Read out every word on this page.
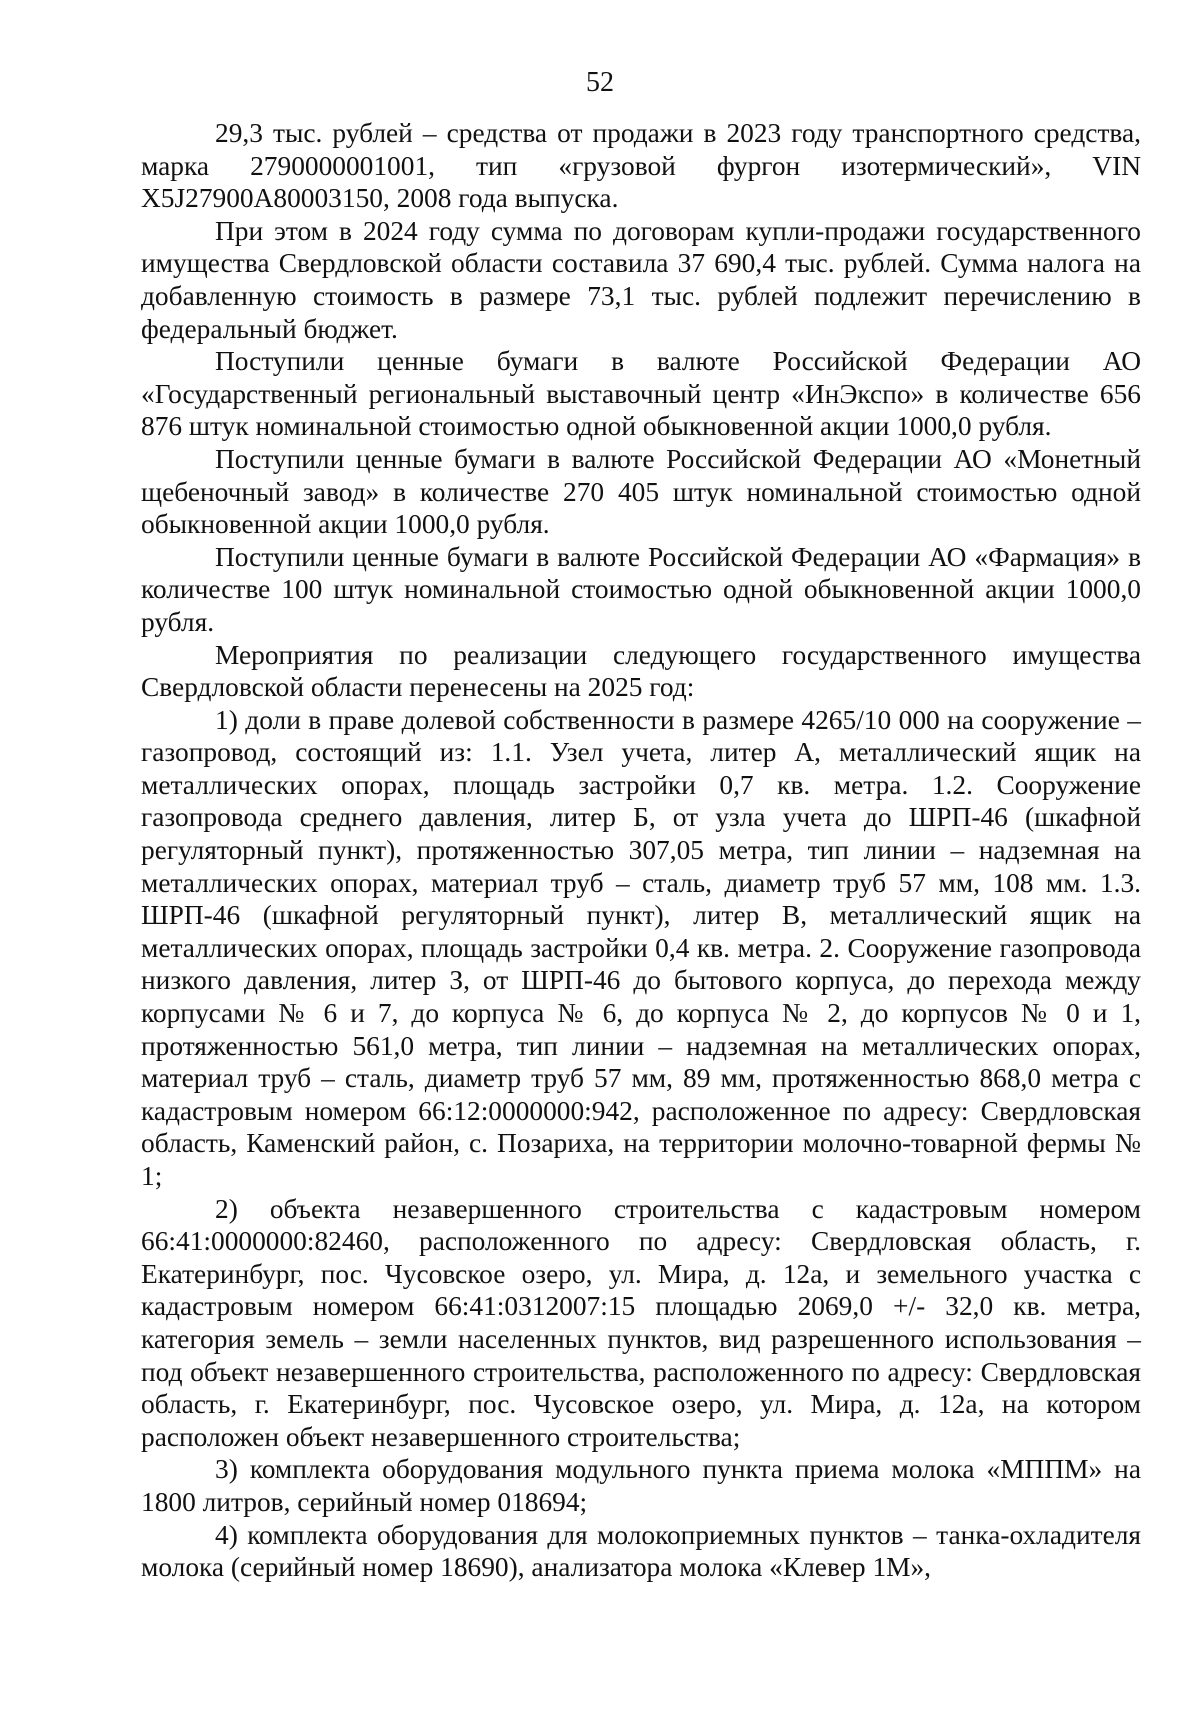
52

29,3 тыс. рублей – средства от продажи в 2023 году транспортного средства, марка 2790000001001, тип «грузовой фургон изотермический», VIN X5J27900A80003150, 2008 года выпуска.

При этом в 2024 году сумма по договорам купли-продажи государственного имущества Свердловской области составила 37 690,4 тыс. рублей. Сумма налога на добавленную стоимость в размере 73,1 тыс. рублей подлежит перечислению в федеральный бюджет.

Поступили ценные бумаги в валюте Российской Федерации АО «Государственный региональный выставочный центр «ИнЭкспо» в количестве 656 876 штук номинальной стоимостью одной обыкновенной акции 1000,0 рубля.

Поступили ценные бумаги в валюте Российской Федерации АО «Монетный щебеночный завод» в количестве 270 405 штук номинальной стоимостью одной обыкновенной акции 1000,0 рубля.

Поступили ценные бумаги в валюте Российской Федерации АО «Фармация» в количестве 100 штук номинальной стоимостью одной обыкновенной акции 1000,0 рубля.

Мероприятия по реализации следующего государственного имущества Свердловской области перенесены на 2025 год:

1) доли в праве долевой собственности в размере 4265/10 000 на сооружение – газопровод, состоящий из: 1.1. Узел учета, литер А, металлический ящик на металлических опорах, площадь застройки 0,7 кв. метра. 1.2. Сооружение газопровода среднего давления, литер Б, от узла учета до ШРП-46 (шкафной регуляторный пункт), протяженностью 307,05 метра, тип линии – надземная на металлических опорах, материал труб – сталь, диаметр труб 57 мм, 108 мм. 1.3. ШРП-46 (шкафной регуляторный пункт), литер В, металлический ящик на металлических опорах, площадь застройки 0,4 кв. метра. 2. Сооружение газопровода низкого давления, литер З, от ШРП-46 до бытового корпуса, до перехода между корпусами № 6 и 7, до корпуса № 6, до корпуса № 2, до корпусов № 0 и 1, протяженностью 561,0 метра, тип линии – надземная на металлических опорах, материал труб – сталь, диаметр труб 57 мм, 89 мм, протяженностью 868,0 метра с кадастровым номером 66:12:0000000:942, расположенное по адресу: Свердловская область, Каменский район, с. Позариха, на территории молочно-товарной фермы № 1;

2) объекта незавершенного строительства с кадастровым номером 66:41:0000000:82460, расположенного по адресу: Свердловская область, г. Екатеринбург, пос. Чусовское озеро, ул. Мира, д. 12а, и земельного участка с кадастровым номером 66:41:0312007:15 площадью 2069,0 +/- 32,0 кв. метра, категория земель – земли населенных пунктов, вид разрешенного использования – под объект незавершенного строительства, расположенного по адресу: Свердловская область, г. Екатеринбург, пос. Чусовское озеро, ул. Мира, д. 12а, на котором расположен объект незавершенного строительства;

3) комплекта оборудования модульного пункта приема молока «МППМ» на 1800 литров, серийный номер 018694;

4) комплекта оборудования для молокоприемных пунктов – танка-охладителя молока (серийный номер 18690), анализатора молока «Клевер 1М»,
